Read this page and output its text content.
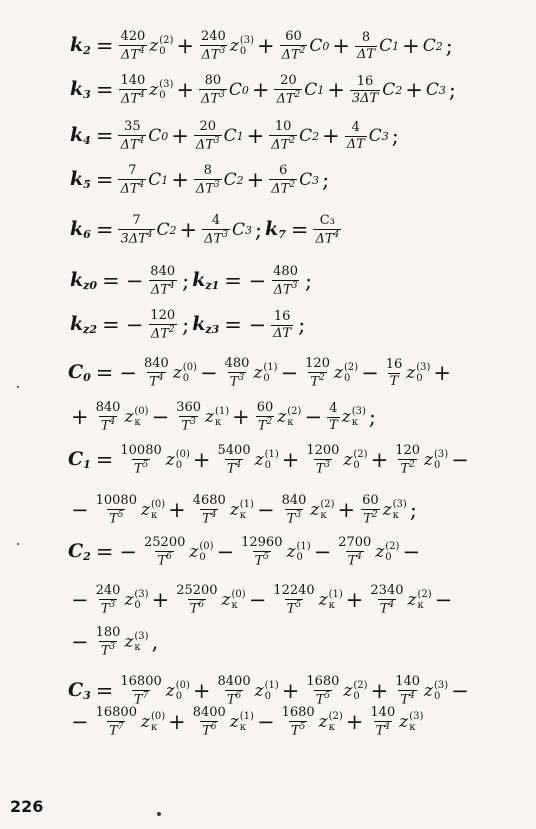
$k_2 = \frac{420}{\Delta T^4}$ z (2)
$0 + \frac{240}{\Delta T^3}$ z (3)
$0 + \frac{60}{\Delta T^2}$ C $0 + \frac{8}{\Delta T}$ C 1 + C 2 ;
$k_3 = \frac{140}{\Delta T^4}$ z (3)
$0 + \frac{80}{\Delta T^3}$ C $0 + \frac{20}{\Delta T^2}$ C $1 + \frac{16}{3\Delta T}$ C 2 + C 3 ;
$k_4 = \frac{35}{\Delta T^4}$ C $0 + \frac{20}{\Delta T^3}$ C $1 + \frac{10}{\Delta T^2}$ C $2 + \frac{4}{\Delta T}$ C 3 ;
$k_5 = \frac{7}{\Delta T^4}$ C $1 + \frac{8}{\Delta T^3}$ C $2 + \frac{6}{\Delta T^2}$ C 3 ;
$k_6 = \frac{7}{3\Delta T^4}$ C $2 + \frac{4}{\Delta T^3}$ C 3 ; $k_7 = \frac{\text{C₃}}{\Delta T^4}$
$k_{z0}$ = − $\frac{840}{\Delta T^4}$ ; $k_{z1}$ = − $\frac{480}{\Delta T^3}$ ;
$k_{z2}$ = − $\frac{120}{\Delta T^2}$ ; $k_{z3}$ = − $\frac{16}{\Delta T}$ ;
$C_0$ = − $\frac{840}{T^4}$ z (0)
$0 - \frac{480}{T^3}$ z (1)
$0 - \frac{120}{T^2}$ z (2)
$0 - \frac{16}{T}$ z (3)
0 +
+ $\frac{840}{T^4}$ z (0)
$к - \frac{360}{T^3}$ z (1)
$к + \frac{60}{T^2}$ z (2)
$к - \frac{4}{T}$ z (3)
к ;
$C_1 = \frac{10080}{T^5}$ z (0)
$0 + \frac{5400}{T^4}$ z (1)
$0 + \frac{1200}{T^3}$ z (2)
$0 + \frac{120}{T^2}$ z (3)
0 −
− $\frac{10080}{T^5}$ z (0)
$к + \frac{4680}{T^4}$ z (1)
$к - \frac{840}{T^3}$ z (2)
$к + \frac{60}{T^2}$ z (3)
к ;
$C_2$ = − $\frac{25200}{T^6}$ z (0)
$0 - \frac{12960}{T^5}$ z (1)
$0 - \frac{2700}{T^4}$ z (2)
0 −
− $\frac{240}{T^3}$ z (3)
$0 + \frac{25200}{T^6}$ z (0)
$к - \frac{12240}{T^5}$ z (1)
$к + \frac{2340}{T^4}$ z (2)
к −
− $\frac{180}{T^3}$ z (3)
к ,
$C_3 = \frac{16800}{T^7}$ z (0)
$0 + \frac{8400}{T^6}$ z (1)
$0 + \frac{1680}{T^5}$ z (2)
$0 + \frac{140}{T^4}$ z (3)
0 −
− $\frac{16800}{T^7}$ z (0)
$к + \frac{8400}{T^6}$ z (1)
$к - \frac{1680}{T^5}$ z (2)
$к + \frac{140}{T^4}$ z (3)
к
226
